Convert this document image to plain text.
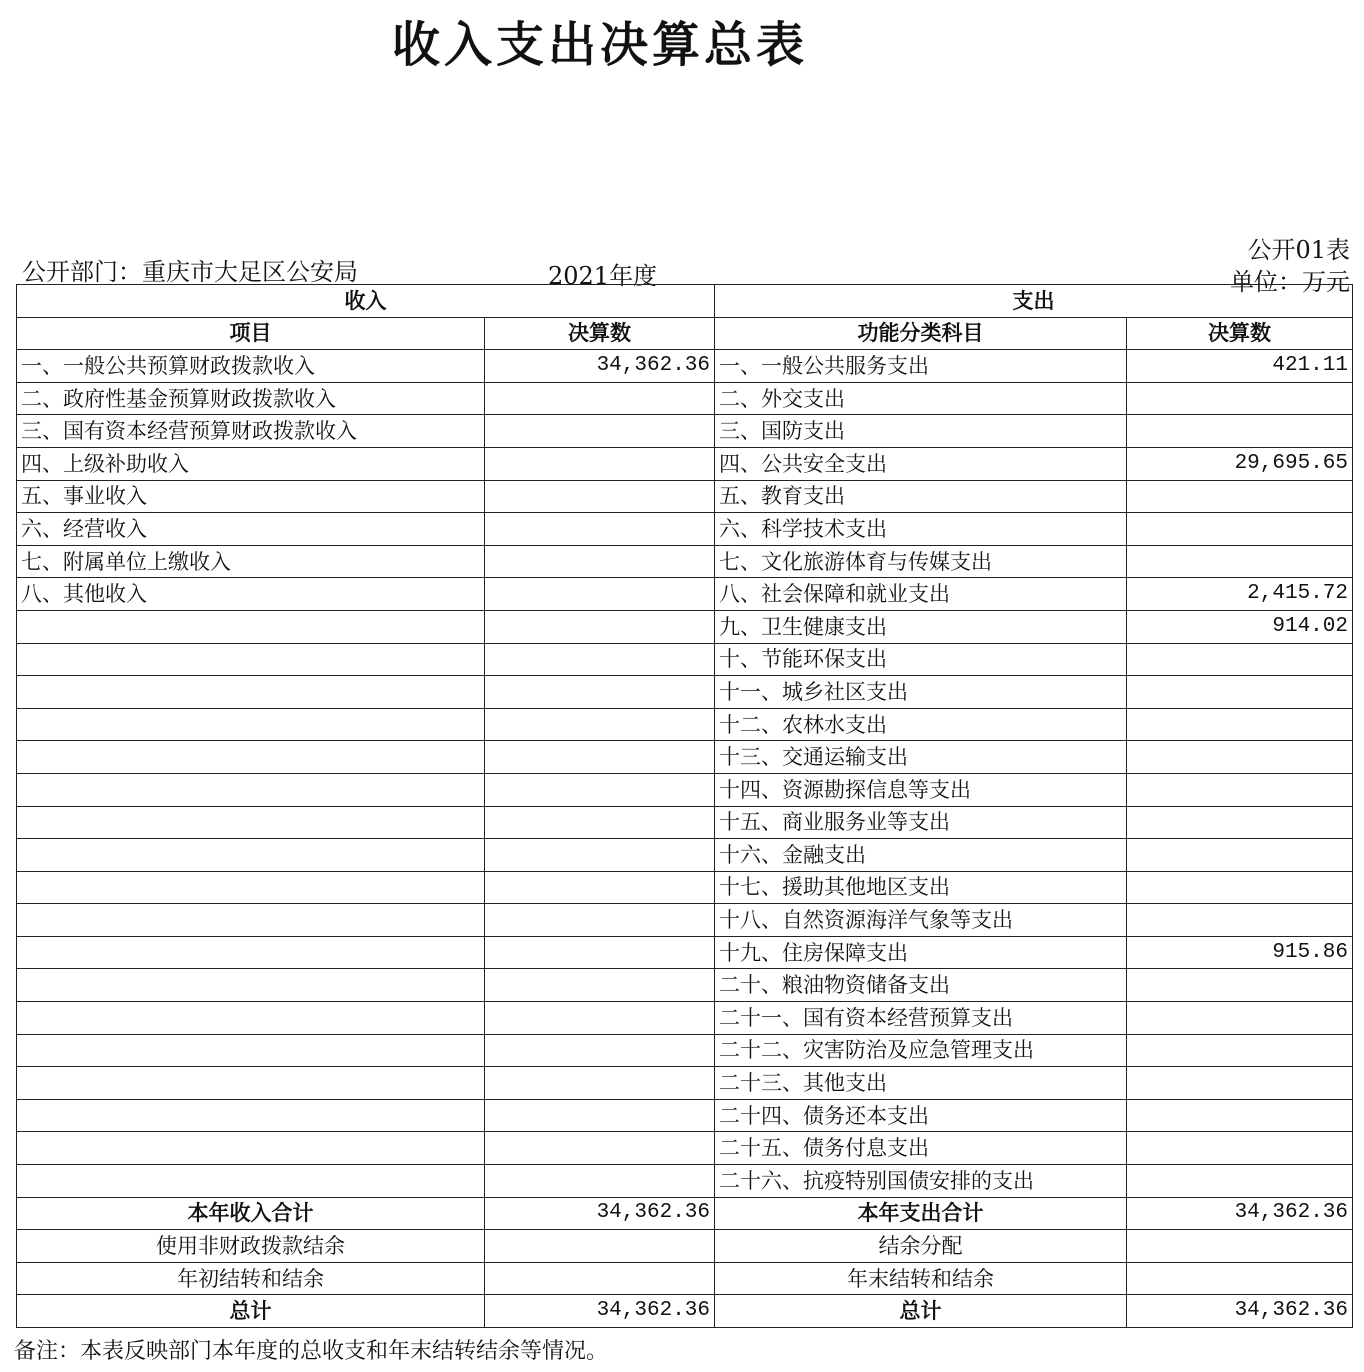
收入支出决算总表
公开部门：重庆市大足区公安局	2021年度
公开01表
单位：万元
收入		支出	
项目	决算数	功能分类科目	决算数
一、一般公共预算财政拨款收入	34,362.36	一、一般公共服务支出	421.11
二、政府性基金预算财政拨款收入		二、外交支出	
三、国有资本经营预算财政拨款收入		三、国防支出	
四、上级补助收入		四、公共安全支出	29,695.65
五、事业收入		五、教育支出	
六、经营收入		六、科学技术支出	
七、附属单位上缴收入		七、文化旅游体育与传媒支出	
八、其他收入		八、社会保障和就业支出	2,415.72
		九、卫生健康支出	914.02
		十、节能环保支出	
		十一、城乡社区支出	
		十二、农林水支出	
		十三、交通运输支出	
		十四、资源勘探信息等支出	
		十五、商业服务业等支出	
		十六、金融支出	
		十七、援助其他地区支出	
		十八、自然资源海洋气象等支出	
		十九、住房保障支出	915.86
		二十、粮油物资储备支出	
		二十一、国有资本经营预算支出	
		二十二、灾害防治及应急管理支出	
		二十三、其他支出	
		二十四、债务还本支出	
		二十五、债务付息支出	
		二十六、抗疫特别国债安排的支出	
本年收入合计	34,362.36	本年支出合计	34,362.36
使用非财政拨款结余		结余分配	
年初结转和结余		年末结转和结余	
总计	34,362.36	总计	34,362.36
备注：本表反映部门本年度的总收支和年末结转结余等情况。
